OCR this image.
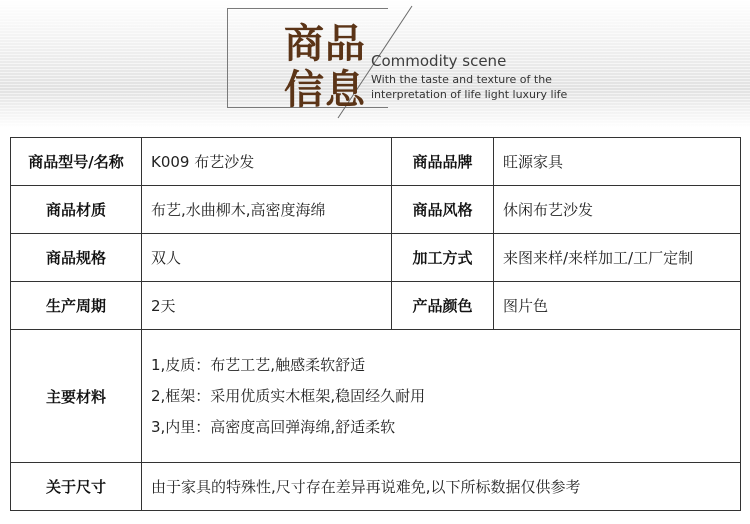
商品
信息
Commodity scene
With the taste and texture of the
interpretation of life light luxury life
商品型号/名称	K009 布艺沙发	商品品牌	旺源家具
商品材质	布艺,水曲柳木,高密度海绵	商品风格	休闲布艺沙发
商品规格	双人	加工方式	来图来样/来样加工/工厂定制
生产周期	2天	产品颜色	图片色
主要材料	1,皮质：布艺工艺,触感柔软舒适
2,框架：采用优质实木框架,稳固经久耐用
3,内里：高密度高回弹海绵,舒适柔软		

关于尺寸	由于家具的特殊性,尺寸存在差异再说难免,以下所标数据仅供参考		
